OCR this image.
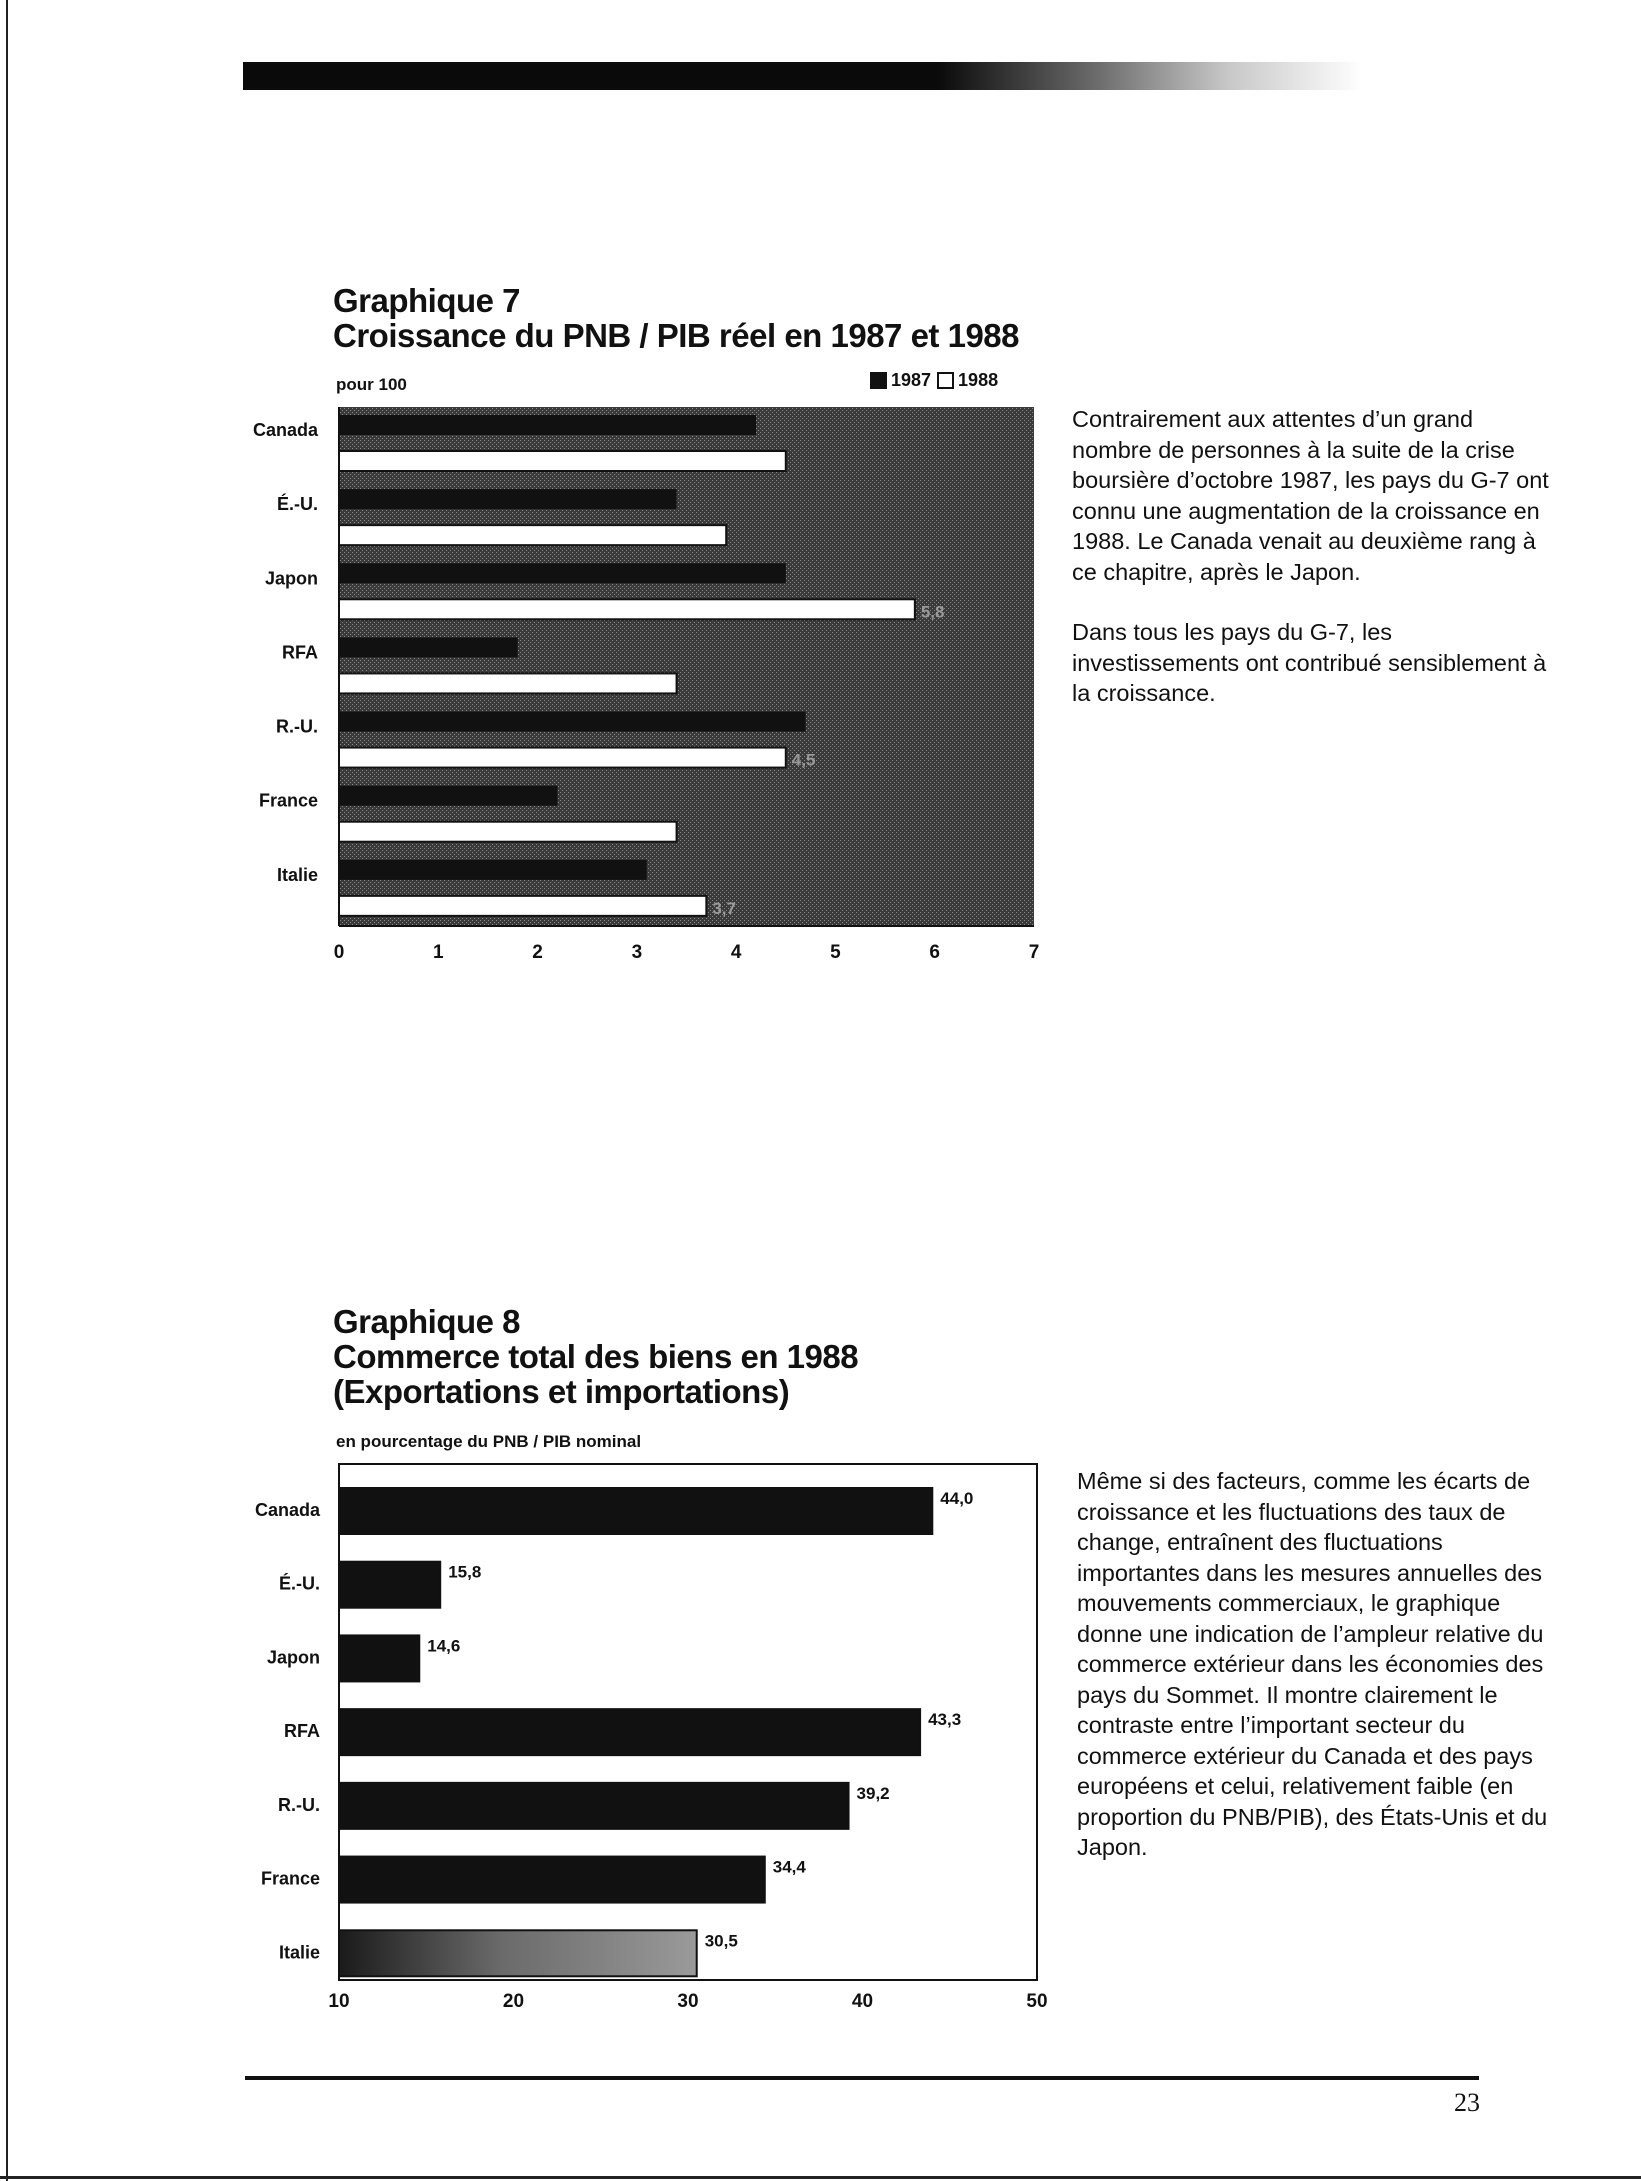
Graphique 7
Croissance du PNB / PIB réel en 1987 et 1988
pour 100	1987 1988
Canada
É.-U.
Japon
5,8
RFA
R.-U.
4,5
France
Italie
3,7
0	1	2	3	4	5	6	7

Contrairement aux attentes d’un grand nombre de personnes à la suite de la crise boursière d’octobre 1987, les pays du G-7 ont connu une augmentation de la croissance en 1988. Le Canada venait au deuxième rang à ce chapitre, après le Japon.

Dans tous les pays du G-7, les investissements ont contribué sensiblement à la croissance.

Graphique 8
Commerce total des biens en 1988
(Exportations et importations)
en pourcentage du PNB / PIB nominal
Canada
44,0
É.-U.
15,8
Japon
14,6
RFA
43,3
R.-U.
39,2
France
34,4
Italie
30,5
10	20	30	40	50

Même si des facteurs, comme les écarts de croissance et les fluctuations des taux de change, entraînent des fluctuations importantes dans les mesures annuelles des mouvements commerciaux, le graphique donne une indication de l’ampleur relative du commerce extérieur dans les économies des pays du Sommet. Il montre clairement le contraste entre l’important secteur du commerce extérieur du Canada et des pays européens et celui, relativement faible (en proportion du PNB/PIB), des États-Unis et du Japon.

23
